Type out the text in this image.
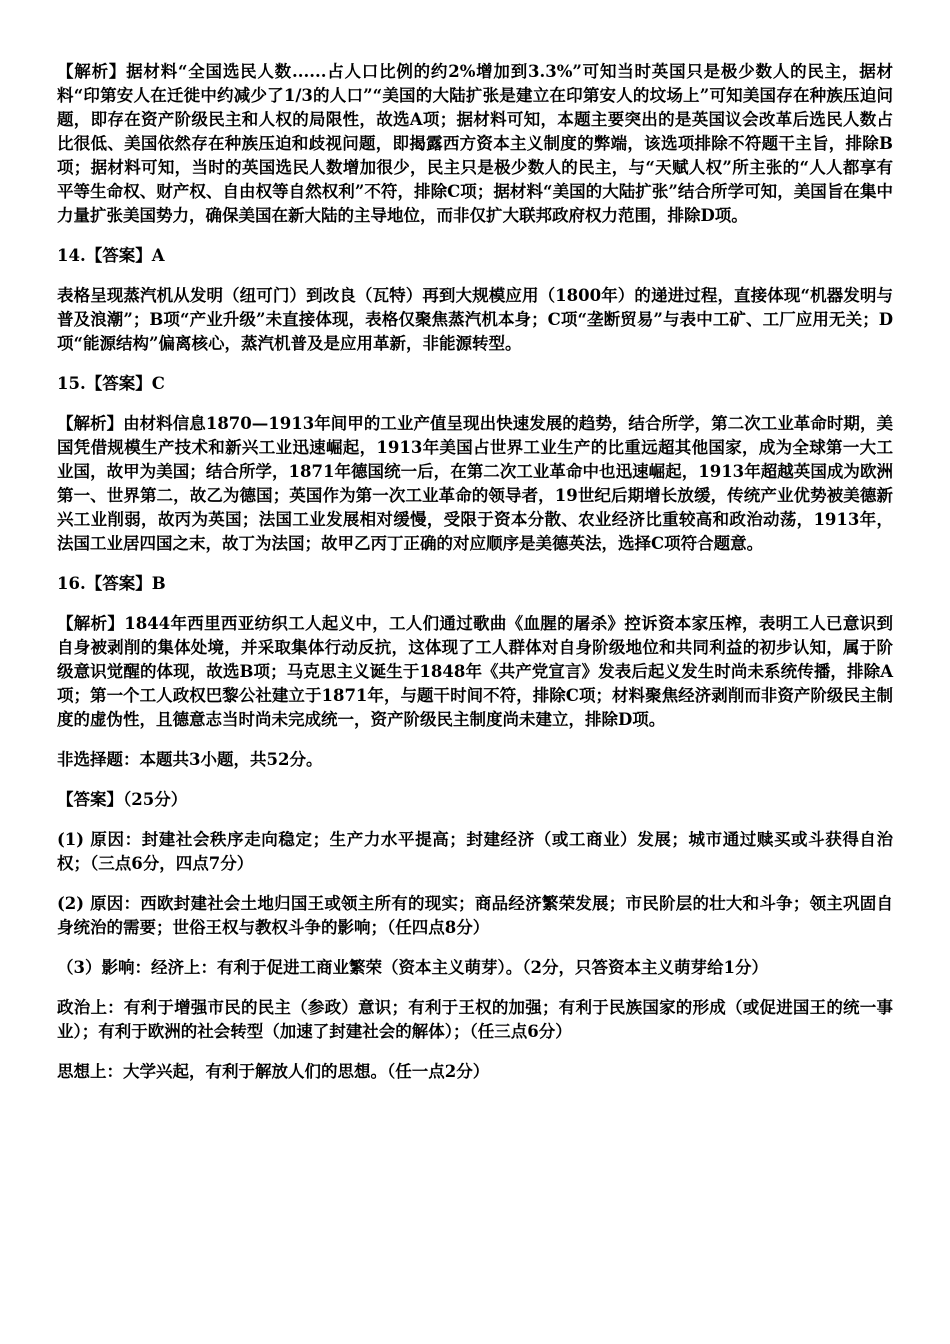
【解析】据材料“全国选民人数......占人口比例的约2%增加到3.3%”可知当时英国只是极少数人的民主，据材料“印第安人在迁徙中约减少了1/3的人口”“美国的大陆扩张是建立在印第安人的坟场上”可知美国存在种族压迫问题，即存在资产阶级民主和人权的局限性，故选A项；据材料可知，本题主要突出的是英国议会改革后选民人数占比很低、美国依然存在种族压迫和歧视问题，即揭露西方资本主义制度的弊端，该选项排除不符题干主旨，排除B项；据材料可知，当时的英国选民人数增加很少，民主只是极少数人的民主，与“天赋人权”所主张的“人人都享有平等生命权、财产权、自由权等自然权利”不符，排除C项；据材料“美国的大陆扩张”结合所学可知，美国旨在集中力量扩张美国势力，确保美国在新大陆的主导地位，而非仅扩大联邦政府权力范围，排除D项。

14.【答案】A

表格呈现蒸汽机从发明（纽可门）到改良（瓦特）再到大规模应用（1800年）的递进过程，直接体现“机器发明与普及浪潮”；B项“产业升级”未直接体现，表格仅聚焦蒸汽机本身；C项“垄断贸易”与表中工矿、工厂应用无关；D项“能源结构”偏离核心，蒸汽机普及是应用革新，非能源转型。

15.【答案】C

【解析】由材料信息1870—1913年间甲的工业产值呈现出快速发展的趋势，结合所学，第二次工业革命时期，美国凭借规模生产技术和新兴工业迅速崛起，1913年美国占世界工业生产的比重远超其他国家，成为全球第一大工业国，故甲为美国；结合所学，1871年德国统一后，在第二次工业革命中也迅速崛起，1913年超越英国成为欧洲第一、世界第二，故乙为德国；英国作为第一次工业革命的领导者，19世纪后期增长放缓，传统产业优势被美德新兴工业削弱，故丙为英国；法国工业发展相对缓慢，受限于资本分散、农业经济比重较高和政治动荡，1913年，法国工业居四国之末，故丁为法国；故甲乙丙丁正确的对应顺序是美德英法，选择C项符合题意。

16.【答案】B

【解析】1844年西里西亚纺织工人起义中，工人们通过歌曲《血腥的屠杀》控诉资本家压榨，表明工人已意识到自身被剥削的集体处境，并采取集体行动反抗，这体现了工人群体对自身阶级地位和共同利益的初步认知，属于阶级意识觉醒的体现，故选B项；马克思主义诞生于1848年《共产党宣言》发表后起义发生时尚未系统传播，排除A项；第一个工人政权巴黎公社建立于1871年，与题干时间不符，排除C项；材料聚焦经济剥削而非资产阶级民主制度的虚伪性，且德意志当时尚未完成统一，资产阶级民主制度尚未建立，排除D项。

非选择题：本题共3小题，共52分。

【答案】（25分）

(1) 原因：封建社会秩序走向稳定；生产力水平提高；封建经济（或工商业）发展；城市通过赎买或斗获得自治权；（三点6分，四点7分）

(2) 原因：西欧封建社会土地归国王或领主所有的现实；商品经济繁荣发展；市民阶层的壮大和斗争；领主巩固自身统治的需要；世俗王权与教权斗争的影响；（任四点8分）

（3）影响：经济上：有利于促进工商业繁荣（资本主义萌芽）。（2分，只答资本主义萌芽给1分）

政治上：有利于增强市民的民主（参政）意识；有利于王权的加强；有利于民族国家的形成（或促进国王的统一事业）；有利于欧洲的社会转型（加速了封建社会的解体）；（任三点6分）

思想上：大学兴起，有利于解放人们的思想。（任一点2分）
